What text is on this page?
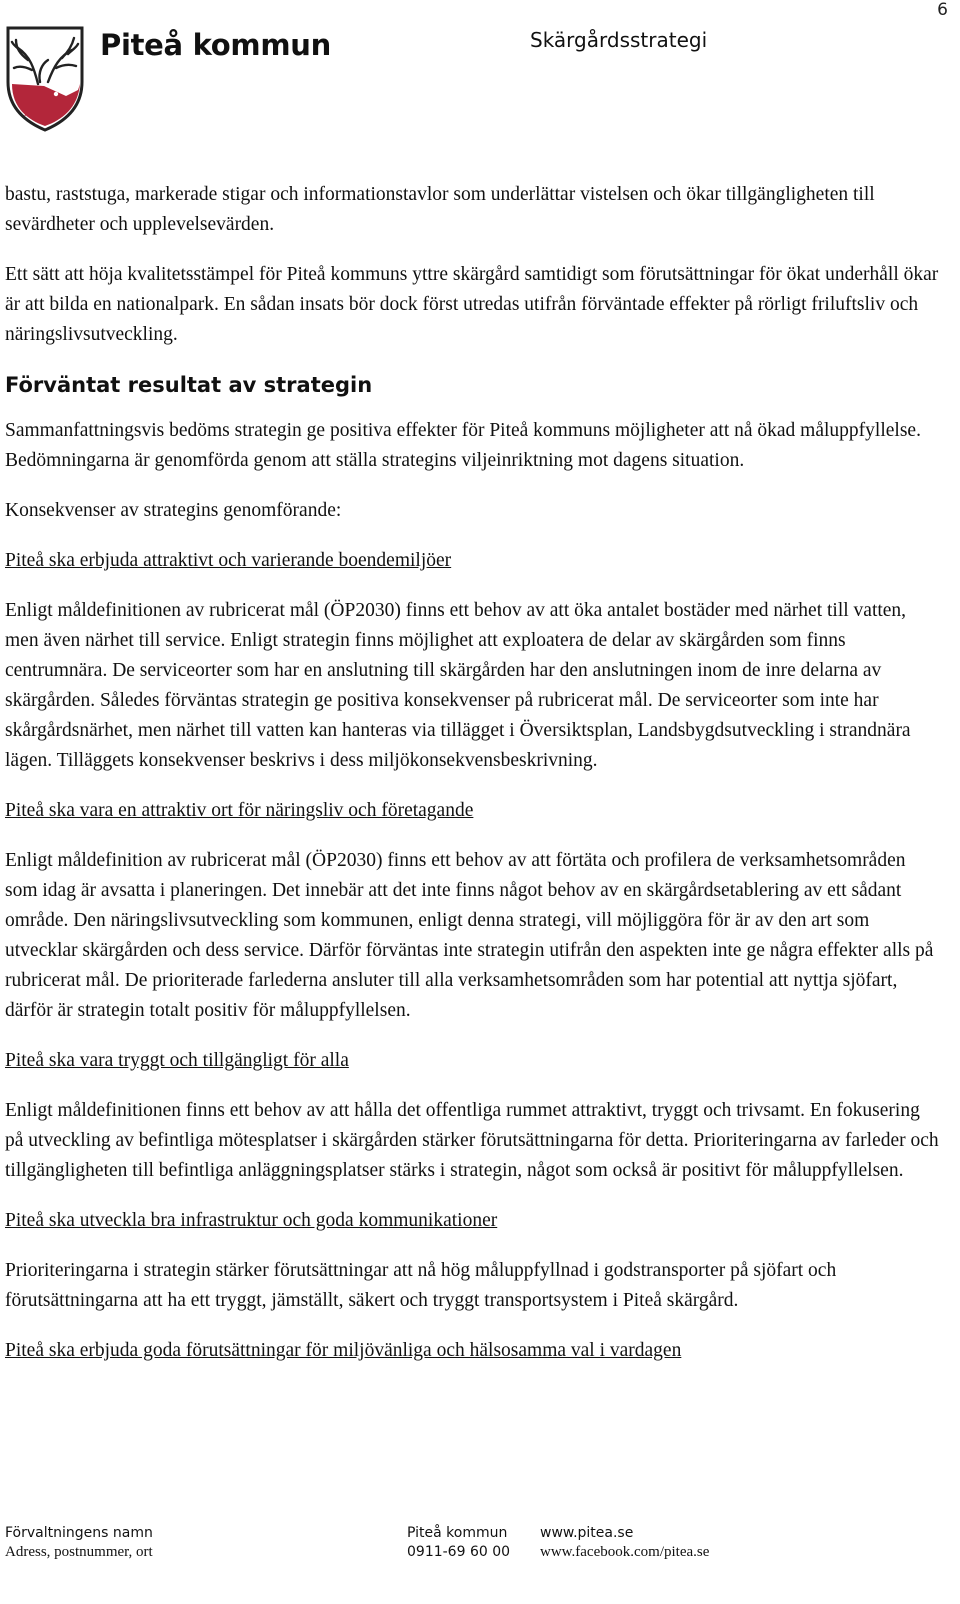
6
Piteå kommun	Skärgårdsstrategi

bastu, raststuga, markerade stigar och informationstavlor som underlättar vistelsen och ökar tillgängligheten till sevärdheter och upplevelsevärden.

Ett sätt att höja kvalitetsstämpel för Piteå kommuns yttre skärgård samtidigt som förutsättningar för ökat underhåll ökar är att bilda en nationalpark. En sådan insats bör dock först utredas utifrån förväntade effekter på rörligt friluftsliv och näringslivsutveckling.

Förväntat resultat av strategin

Sammanfattningsvis bedöms strategin ge positiva effekter för Piteå kommuns möjligheter att nå ökad måluppfyllelse. Bedömningarna är genomförda genom att ställa strategins viljeinriktning mot dagens situation.

Konsekvenser av strategins genomförande:

Piteå ska erbjuda attraktivt och varierande boendemiljöer

Enligt måldefinitionen av rubricerat mål (ÖP2030) finns ett behov av att öka antalet bostäder med närhet till vatten, men även närhet till service. Enligt strategin finns möjlighet att exploatera de delar av skärgården som finns centrumnära. De serviceorter som har en anslutning till skärgården har den anslutningen inom de inre delarna av skärgården. Således förväntas strategin ge positiva konsekvenser på rubricerat mål. De serviceorter som inte har skårgårdsnärhet, men närhet till vatten kan hanteras via tillägget i Översiktsplan, Landsbygdsutveckling i strandnära lägen. Tilläggets konsekvenser beskrivs i dess miljökonsekvensbeskrivning.

Piteå ska vara en attraktiv ort för näringsliv och företagande

Enligt måldefinition av rubricerat mål (ÖP2030) finns ett behov av att förtäta och profilera de verksamhetsområden som idag är avsatta i planeringen. Det innebär att det inte finns något behov av en skärgårdsetablering av ett sådant område. Den näringslivsutveckling som kommunen, enligt denna strategi, vill möjliggöra för är av den art som utvecklar skärgården och dess service. Därför förväntas inte strategin utifrån den aspekten inte ge några effekter alls på rubricerat mål. De prioriterade farlederna ansluter till alla verksamhetsområden som har potential att nyttja sjöfart, därför är strategin totalt positiv för måluppfyllelsen.

Piteå ska vara tryggt och tillgängligt för alla

Enligt måldefinitionen finns ett behov av att hålla det offentliga rummet attraktivt, tryggt och trivsamt. En fokusering på utveckling av befintliga mötesplatser i skärgården stärker förutsättningarna för detta. Prioriteringarna av farleder och tillgängligheten till befintliga anläggningsplatser stärks i strategin, något som också är positivt för måluppfyllelsen.

Piteå ska utveckla bra infrastruktur och goda kommunikationer

Prioriteringarna i strategin stärker förutsättningar att nå hög måluppfyllnad i godstransporter på sjöfart och förutsättningarna att ha ett tryggt, jämställt, säkert och tryggt transportsystem i Piteå skärgård.

Piteå ska erbjuda goda förutsättningar för miljövänliga och hälsosamma val i vardagen

Förvaltningens namn
Adress, postnummer, ort
Piteå kommun
0911-69 60 00
www.pitea.se
www.facebook.com/pitea.se
